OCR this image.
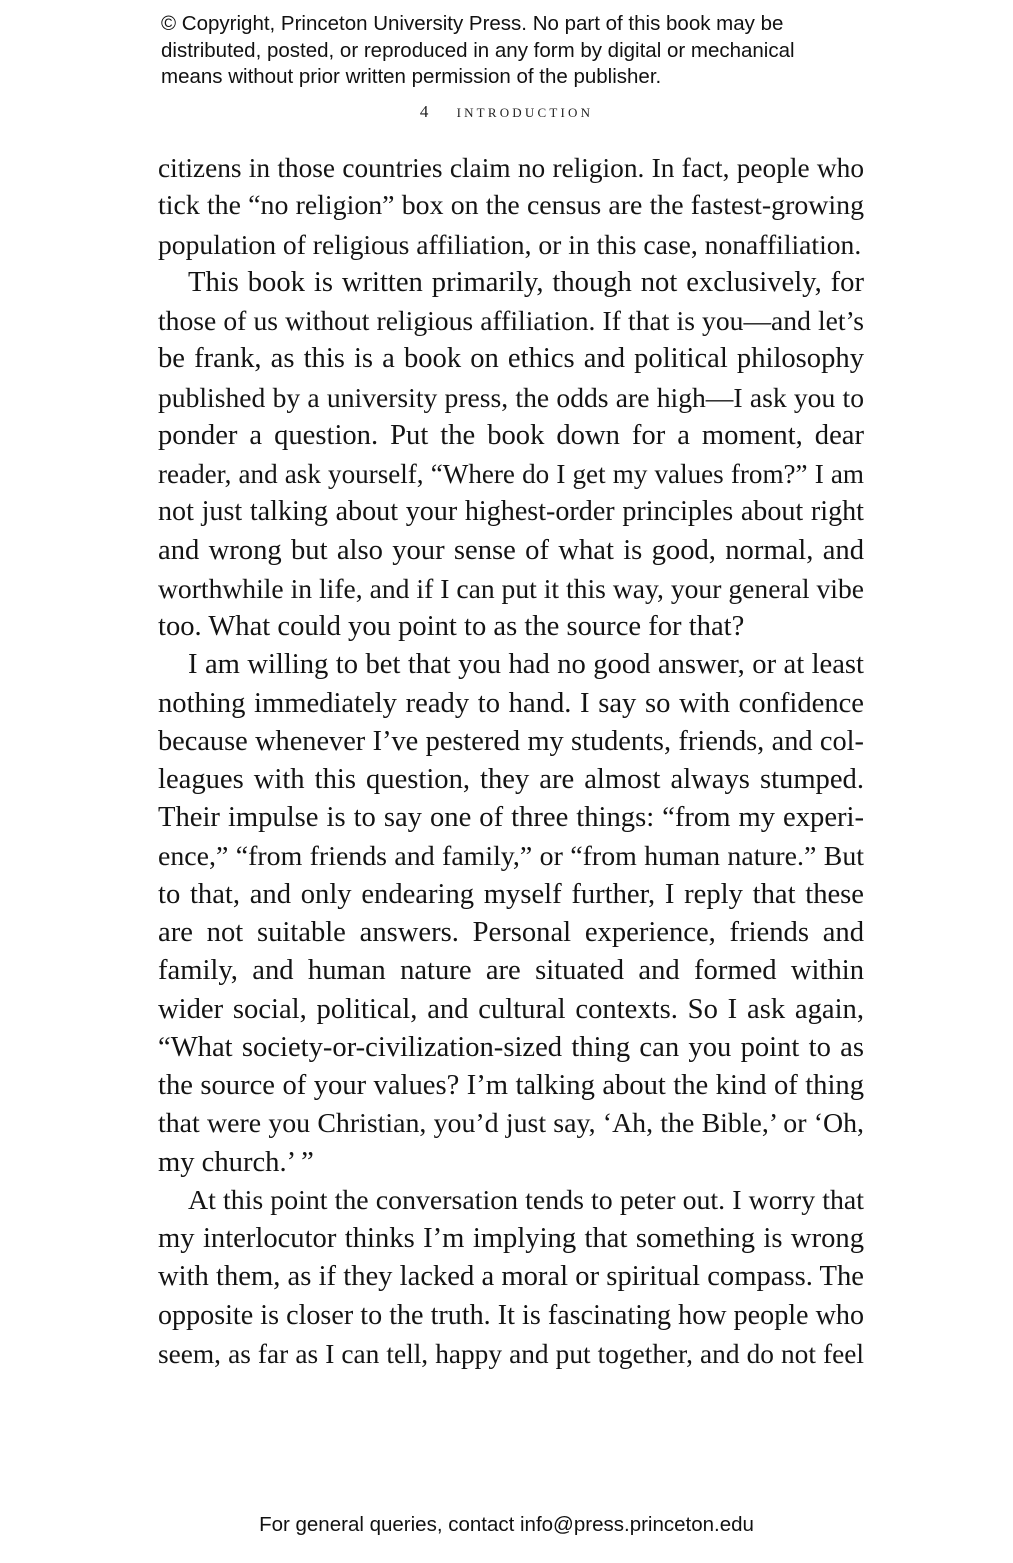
© Copyright, Princeton University Press. No part of this book may be
distributed, posted, or reproduced in any form by digital or mechanical
means without prior written permission of the publisher.
4 introduction
citizens in those countries claim no religion. In fact, people who
tick the “no religion” box on the census are the fastest-growing
population of religious affiliation, or in this case, nonaffiliation.
This book is written primarily, though not exclusively, for
those of us without religious affiliation. If that is you—and let’s
be frank, as this is a book on ethics and political philosophy
published by a university press, the odds are high—I ask you to
ponder a question. Put the book down for a moment, dear
reader, and ask yourself, “Where do I get my values from?” I am
not just talking about your highest-order principles about right
and wrong but also your sense of what is good, normal, and
worthwhile in life, and if I can put it this way, your general vibe
too. What could you point to as the source for that?
I am willing to bet that you had no good answer, or at least
nothing immediately ready to hand. I say so with confidence
because whenever I’ve pestered my students, friends, and col-
leagues with this question, they are almost always stumped.
Their impulse is to say one of three things: “from my experi-
ence,” “from friends and family,” or “from human nature.” But
to that, and only endearing myself further, I reply that these
are not suitable answers. Personal experience, friends and
family, and human nature are situated and formed within
wider social, political, and cultural contexts. So I ask again,
“What society-or-civilization-sized thing can you point to as
the source of your values? I’m talking about the kind of thing
that were you Christian, you’d just say, ‘Ah, the Bible,’ or ‘Oh,
my church.’ ”
At this point the conversation tends to peter out. I worry that
my interlocutor thinks I’m implying that something is wrong
with them, as if they lacked a moral or spiritual compass. The
opposite is closer to the truth. It is fascinating how people who
seem, as far as I can tell, happy and put together, and do not feel
For general queries, contact info@press.princeton.edu
